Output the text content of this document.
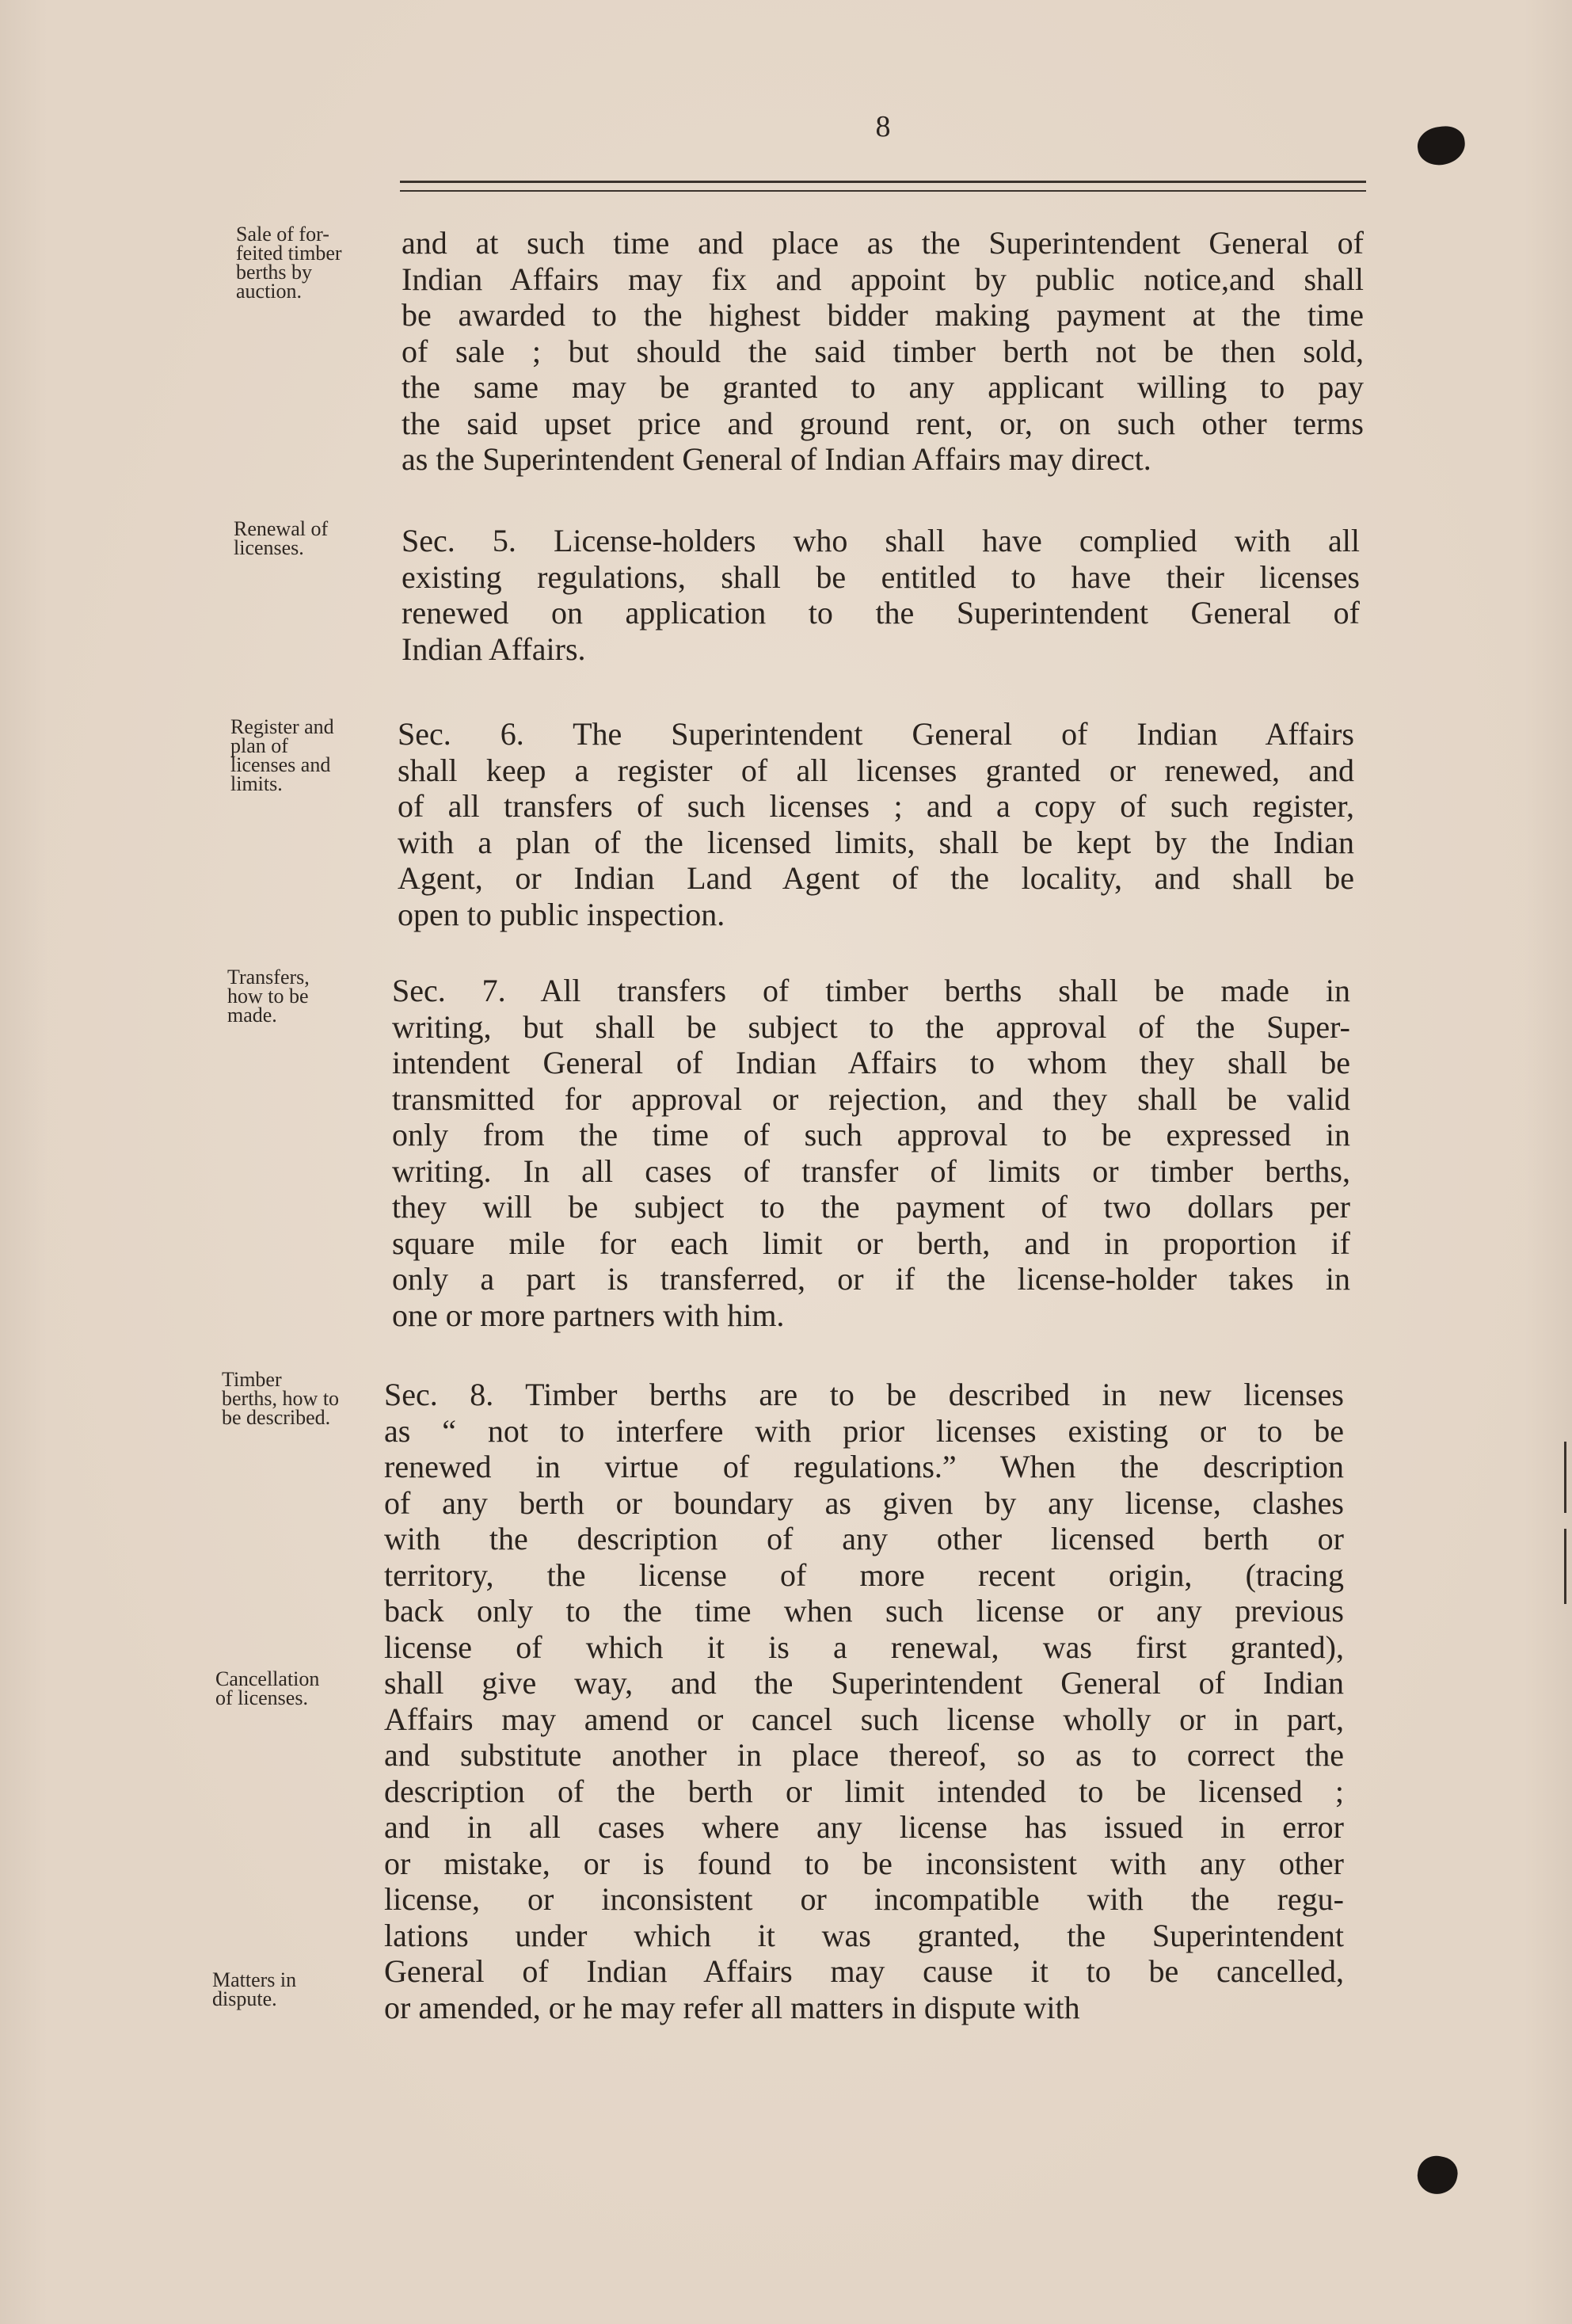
8
Sale of for-
feited timber
berths by
auction.
and at such time and place as the Superintendent General of
Indian Affairs may fix and appoint by public notice,and shall
be awarded to the highest bidder making payment at the time
of sale ; but should the said timber berth not be then sold,
the same may be granted to any applicant willing to pay
the said upset price and ground rent, or, on such other terms
as the Superintendent General of Indian Affairs may direct.
Renewal of
licenses.	Sec. 5. License-holders who shall have complied with all
existing regulations, shall be entitled to have their licenses
renewed on application to the Superintendent General of
Indian Affairs.
Register and
plan of
licenses and
limits.
Sec. 6. The Superintendent General of Indian Affairs
shall keep a register of all licenses granted or renewed, and
of all transfers of such licenses ; and a copy of such register,
with a plan of the licensed limits, shall be kept by the Indian
Agent, or Indian Land Agent of the locality, and shall be
open to public inspection.
Transfers,
how to be
made.
Sec. 7. All transfers of timber berths shall be made in
writing, but shall be subject to the approval of the Super-
intendent General of Indian Affairs to whom they shall be
transmitted for approval or rejection, and they shall be valid
only from the time of such approval to be expressed in
writing. In all cases of transfer of limits or timber berths,
they will be subject to the payment of two dollars per
square mile for each limit or berth, and in proportion if
only a part is transferred, or if the license-holder takes in
one or more partners with him.
Timber
berths, how to
be described.
Cancellation
of licenses.
Matters in
dispute.
Sec. 8. Timber berths are to be described in new licenses
as “ not to interfere with prior licenses existing or to be
renewed in virtue of regulations.” When the description
of any berth or boundary as given by any license, clashes
with the description of any other licensed berth or
territory, the license of more recent origin, (tracing
back only to the time when such license or any previous
license of which it is a renewal, was first granted),
shall give way, and the Superintendent General of Indian
Affairs may amend or cancel such license wholly or in part,
and substitute another in place thereof, so as to correct the
description of the berth or limit intended to be licensed ;
and in all cases where any license has issued in error
or mistake, or is found to be inconsistent with any other
license, or inconsistent or incompatible with the regu-
lations under which it was granted, the Superintendent
General of Indian Affairs may cause it to be cancelled,
or amended, or he may refer all matters in dispute with
